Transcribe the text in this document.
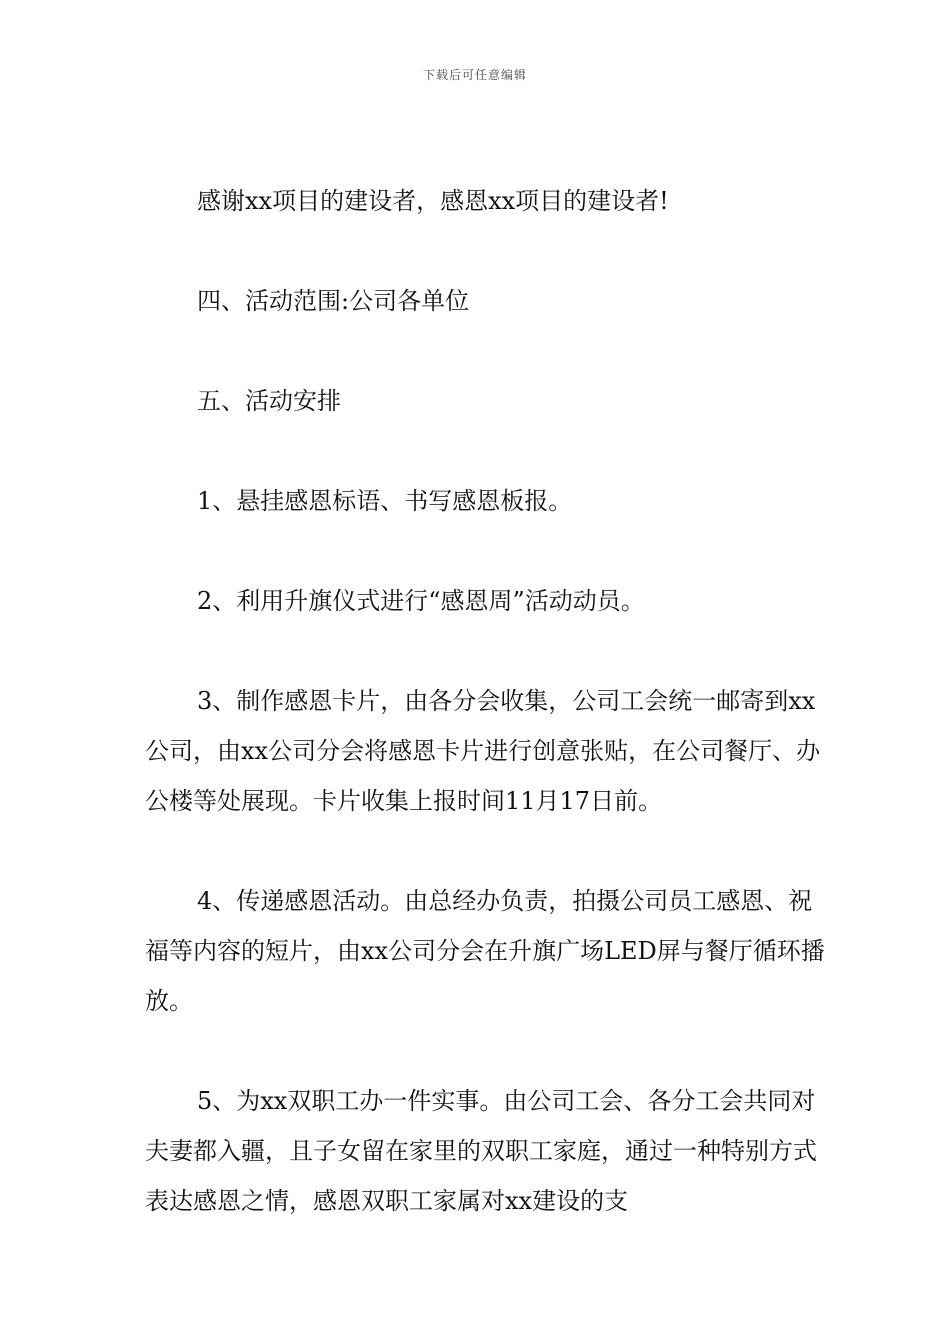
下载后可任意编辑

感谢xx项目的建设者，感恩xx项目的建设者!

四、活动范围:公司各单位

五、活动安排

1、悬挂感恩标语、书写感恩板报。

2、利用升旗仪式进行“感恩周”活动动员。

3、制作感恩卡片，由各分会收集，公司工会统一邮寄到xx公司，由xx公司分会将感恩卡片进行创意张贴，在公司餐厅、办公楼等处展现。卡片收集上报时间11月17日前。

4、传递感恩活动。由总经办负责，拍摄公司员工感恩、祝福等内容的短片，由xx公司分会在升旗广场LED屏与餐厅循环播放。

5、为xx双职工办一件实事。由公司工会、各分工会共同对夫妻都入疆，且子女留在家里的双职工家庭，通过一种特别方式表达感恩之情，感恩双职工家属对xx建设的支
